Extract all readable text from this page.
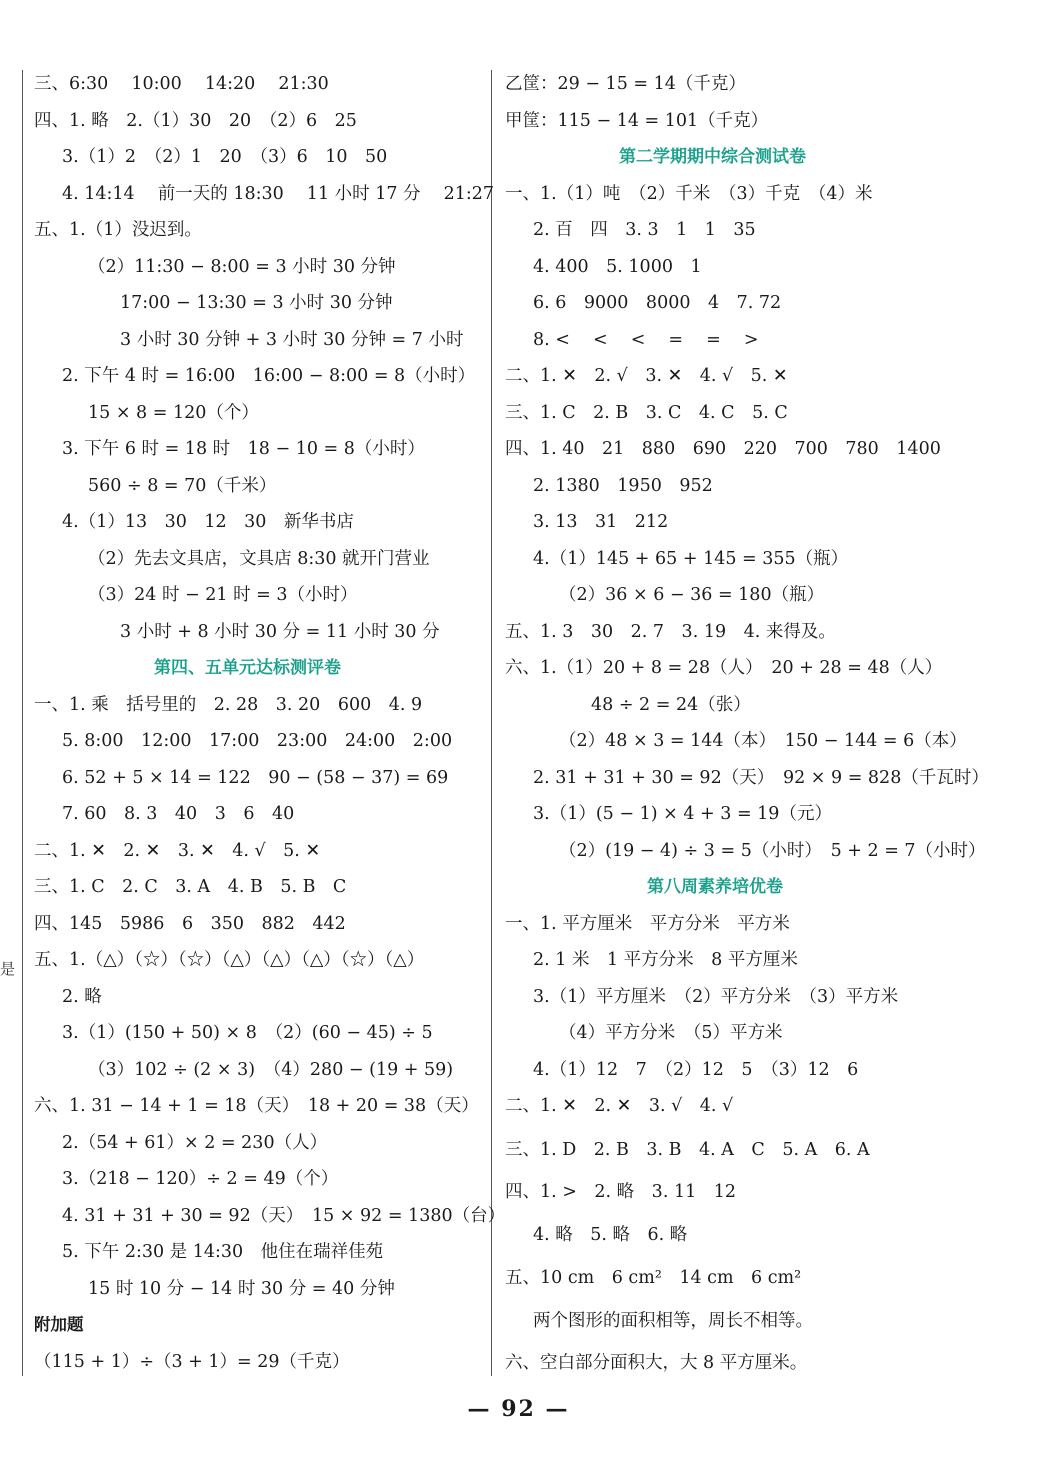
是
三、6:30　 10:00　 14:20　 21:30
四、1. 略　2.（1）30　20　（2）6　25
3.（1）2　（2）1　20　（3）6　10　50
4. 14:14　 前一天的 18:30　 11 小时 17 分　 21:27
五、1.（1）没迟到。
（2）11:30 − 8:00 = 3 小时 30 分钟
17:00 − 13:30 = 3 小时 30 分钟
3 小时 30 分钟 + 3 小时 30 分钟 = 7 小时
2. 下午 4 时 = 16:00　16:00 − 8:00 = 8（小时）
15 × 8 = 120（个）
3. 下午 6 时 = 18 时　18 − 10 = 8（小时）
560 ÷ 8 = 70（千米）
4.（1）13　30　12　30　新华书店
（2）先去文具店，文具店 8:30 就开门营业
（3）24 时 − 21 时 = 3（小时）
3 小时 + 8 小时 30 分 = 11 小时 30 分
第四、五单元达标测评卷
一、1. 乘　括号里的　2. 28　3. 20　600　4. 9
5. 8:00　12:00　17:00　23:00　24:00　2:00
6. 52 + 5 × 14 = 122　90 − (58 − 37) = 69
7. 60　8. 3　40　3　6　40
二、1. ✕　2. ✕　3. ✕　4. √　5. ✕
三、1. C　2. C　3. A　4. B　5. B　C
四、145　5986　6　350　882　442
五、1.（△）（☆）（☆）（△）（△）（△）（☆）（△）
2. 略
3.（1）(150 + 50) × 8　（2）(60 − 45) ÷ 5
（3）102 ÷ (2 × 3)　（4）280 − (19 + 59)
六、1. 31 − 14 + 1 = 18（天）　18 + 20 = 38（天）
2.（54 + 61）× 2 = 230（人）
3.（218 − 120）÷ 2 = 49（个）
4. 31 + 31 + 30 = 92（天）　15 × 92 = 1380（台）
5. 下午 2:30 是 14:30　他住在瑞祥佳苑
15 时 10 分 − 14 时 30 分 = 40 分钟
附加题
（115 + 1）÷（3 + 1）= 29（千克）
乙筐：29 − 15 = 14（千克）
甲筐：115 − 14 = 101（千克）
第二学期期中综合测试卷
一、1.（1）吨　（2）千米　（3）千克　（4）米
2. 百　四　3. 3　1　1　35
4. 400　5. 1000　1
6. 6　9000　8000　4　7. 72
8. <　 <　 <　 =　 =　 >
二、1. ✕　2. √　3. ✕　4. √　5. ✕
三、1. C　2. B　3. C　4. C　5. C
四、1. 40　21　880　690　220　700　780　1400
2. 1380　1950　952
3. 13　31　212
4.（1）145 + 65 + 145 = 355（瓶）
（2）36 × 6 − 36 = 180（瓶）
五、1. 3　30　2. 7　3. 19　4. 来得及。
六、1.（1）20 + 8 = 28（人）　20 + 28 = 48（人）
48 ÷ 2 = 24（张）
（2）48 × 3 = 144（本）　150 − 144 = 6（本）
2. 31 + 31 + 30 = 92（天）　92 × 9 = 828（千瓦时）
3.（1）(5 − 1) × 4 + 3 = 19（元）
（2）(19 − 4) ÷ 3 = 5（小时）　5 + 2 = 7（小时）
第八周素养培优卷
一、1. 平方厘米　平方分米　平方米
2. 1 米　1 平方分米　8 平方厘米
3.（1）平方厘米　（2）平方分米　（3）平方米
（4）平方分米　（5）平方米
4.（1）12　7　（2）12　5　（3）12　6
二、1. ✕　2. ✕　3. √　4. √
三、1. D　2. B　3. B　4. A　C　5. A　6. A
四、1. >　2. 略　3. 11　12
4. 略　5. 略　6. 略
五、10 cm　6 cm²　14 cm　6 cm²
两个图形的面积相等，周长不相等。
六、空白部分面积大，大 8 平方厘米。
— 92 —
